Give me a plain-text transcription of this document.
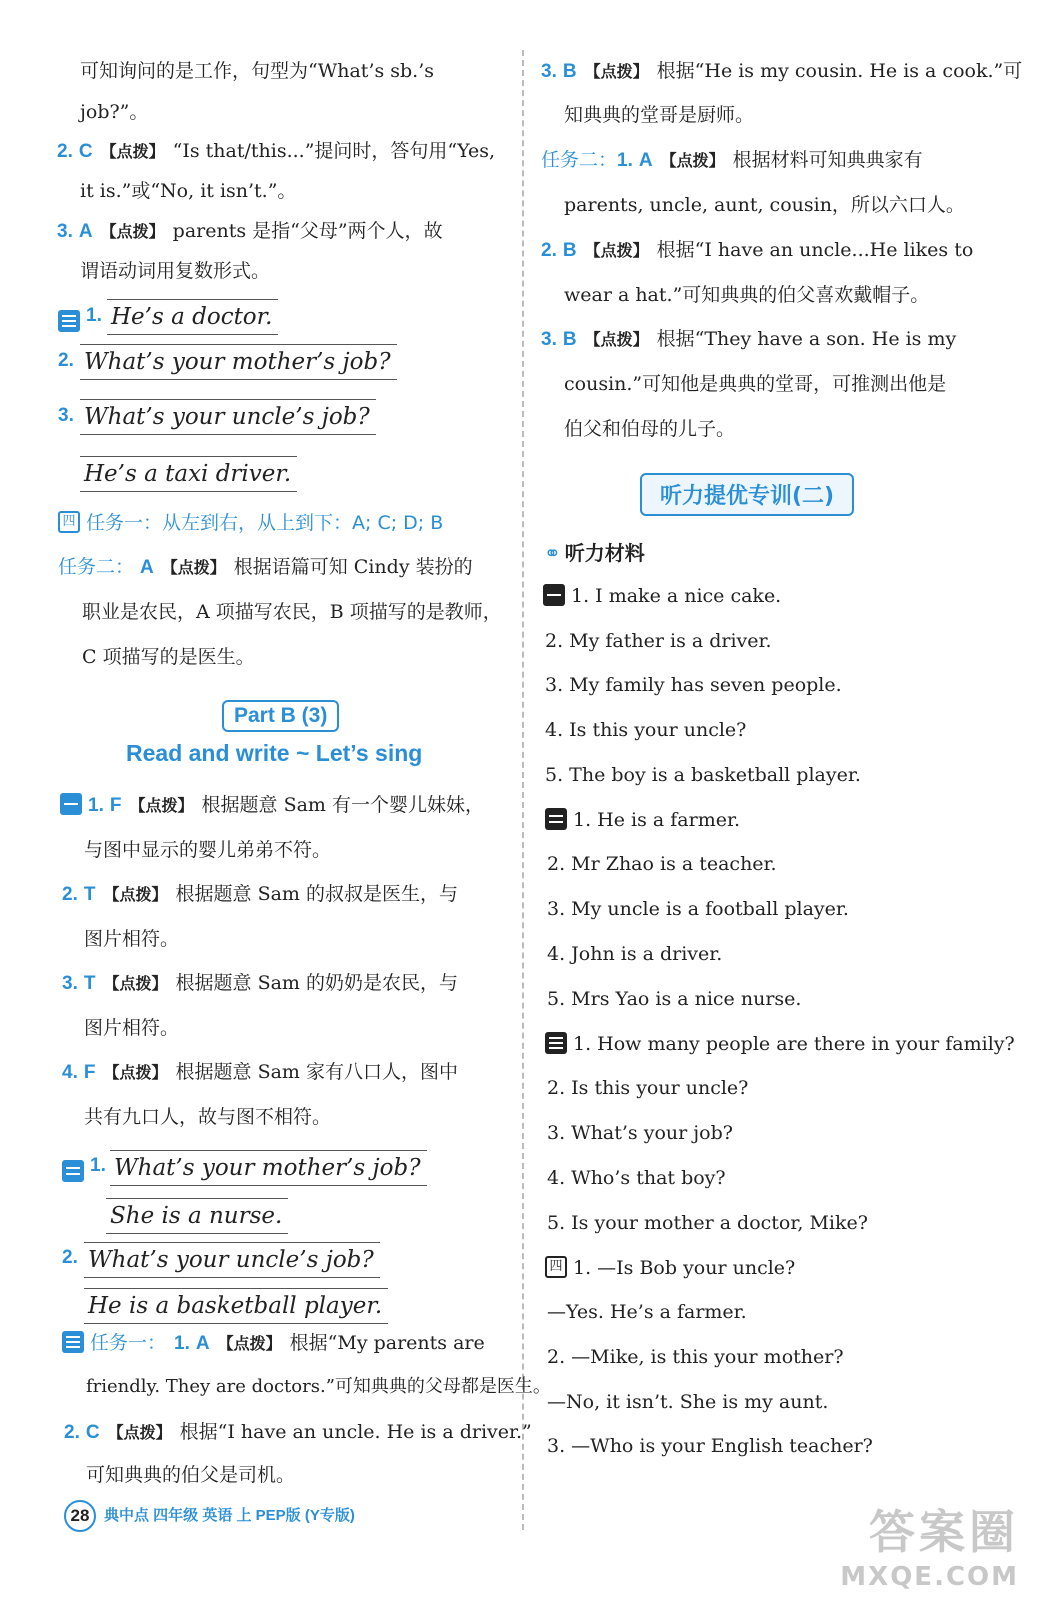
可知询问的是工作，句型为“What’s sb.’s
job?”。
2. C 【点拨】 “Is that/this...”提问时，答句用“Yes,
it is.”或“No, it isn’t.”。
3. A 【点拨】 parents 是指“父母”两个人，故
谓语动词用复数形式。
1. He’s a doctor.
2. What’s your mother’s job?
3. What’s your uncle’s job?
He’s a taxi driver.
四 任务一：从左到右，从上到下：A; C; D; B
任务二： A 【点拨】 根据语篇可知 Cindy 装扮的
职业是农民，A 项描写农民，B 项描写的是教师，
C 项描写的是医生。
Part B (3)
Read and write ~ Let’s sing
1. F 【点拨】 根据题意 Sam 有一个婴儿妹妹，
与图中显示的婴儿弟弟不符。
2. T 【点拨】 根据题意 Sam 的叔叔是医生，与
图片相符。
3. T 【点拨】 根据题意 Sam 的奶奶是农民，与
图片相符。
4. F 【点拨】 根据题意 Sam 家有八口人，图中
共有九口人，故与图不相符。
1. What’s your mother’s job?
She is a nurse.
2. What’s your uncle’s job?
He is a basketball player.
任务一： 1. A 【点拨】 根据“My parents are
friendly. They are doctors.”可知典典的父母都是医生。
2. C 【点拨】 根据“I have an uncle. He is a driver.”
可知典典的伯父是司机。
3. B 【点拨】 根据“He is my cousin. He is a cook.”可
知典典的堂哥是厨师。
任务二：1. A 【点拨】 根据材料可知典典家有
parents, uncle, aunt, cousin，所以六口人。
2. B 【点拨】 根据“I have an uncle...He likes to
wear a hat.”可知典典的伯父喜欢戴帽子。
3. B 【点拨】 根据“They have a son. He is my
cousin.”可知他是典典的堂哥，可推测出他是
伯父和伯母的儿子。
听力提优专训(二)
⚭ 听力材料
1. I make a nice cake.
2. My father is a driver.
3. My family has seven people.
4. Is this your uncle?
5. The boy is a basketball player.
1. He is a farmer.
2. Mr Zhao is a teacher.
3. My uncle is a football player.
4. John is a driver.
5. Mrs Yao is a nice nurse.
1. How many people are there in your family?
2. Is this your uncle?
3. What’s your job?
4. Who’s that boy?
5. Is your mother a doctor, Mike?
四 1. —Is Bob your uncle?
—Yes. He’s a farmer.
2. —Mike, is this your mother?
—No, it isn’t. She is my aunt.
3. —Who is your English teacher?
28 典中点 四年级 英语 上 PEP版 (Y专版)	答案圈
MXQE.COM
